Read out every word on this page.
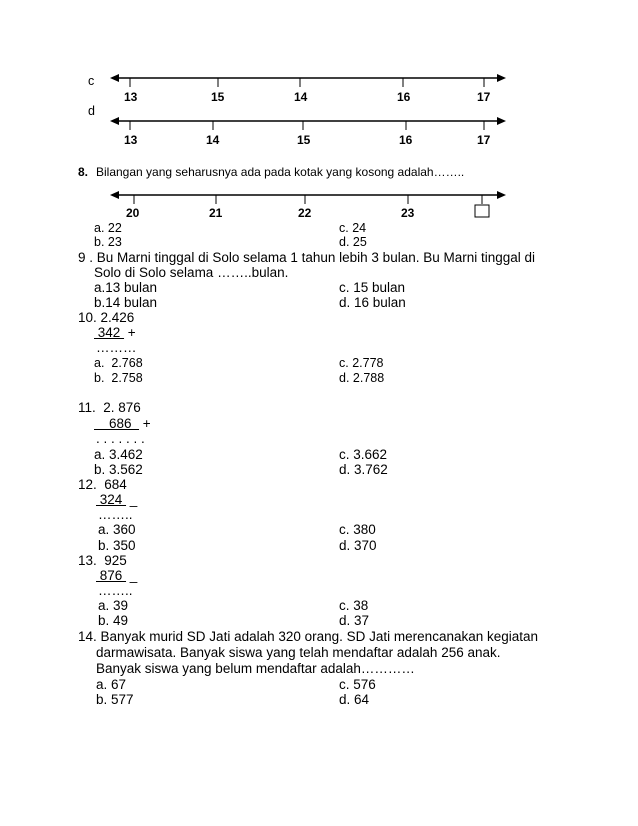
c
13	15	14	16	17
d
13	14	15	16	17
8. Bilangan yang seharusnya ada pada kotak yang kosong adalah……..
20	21	22	23
a. 22
b. 23
c. 24
d. 25
9 . Bu Marni tinggal di Solo selama 1 tahun lebih 3 bulan. Bu Marni tinggal di
Solo di Solo selama ……..bulan.
a.13 bulan
b.14 bulan
c. 15 bulan
d. 16 bulan
10. 2.426
342  +
………
a.  2.768
b.  2.758
c. 2.778
d. 2.788
11.  2. 876
686   +
. . . . . . .
a. 3.462
b. 3.562
c. 3.662
d. 3.762
12.  684
324  _
……..
a. 360
b. 350
c. 380
d. 370
13.  925
876  _
……..
a. 39
b. 49
c. 38
d. 37
14. Banyak murid SD Jati adalah 320 orang. SD Jati merencanakan kegiatan
darmawisata. Banyak siswa yang telah mendaftar adalah 256 anak.
Banyak siswa yang belum mendaftar adalah…………
a. 67
b. 577
c. 576
d. 64
